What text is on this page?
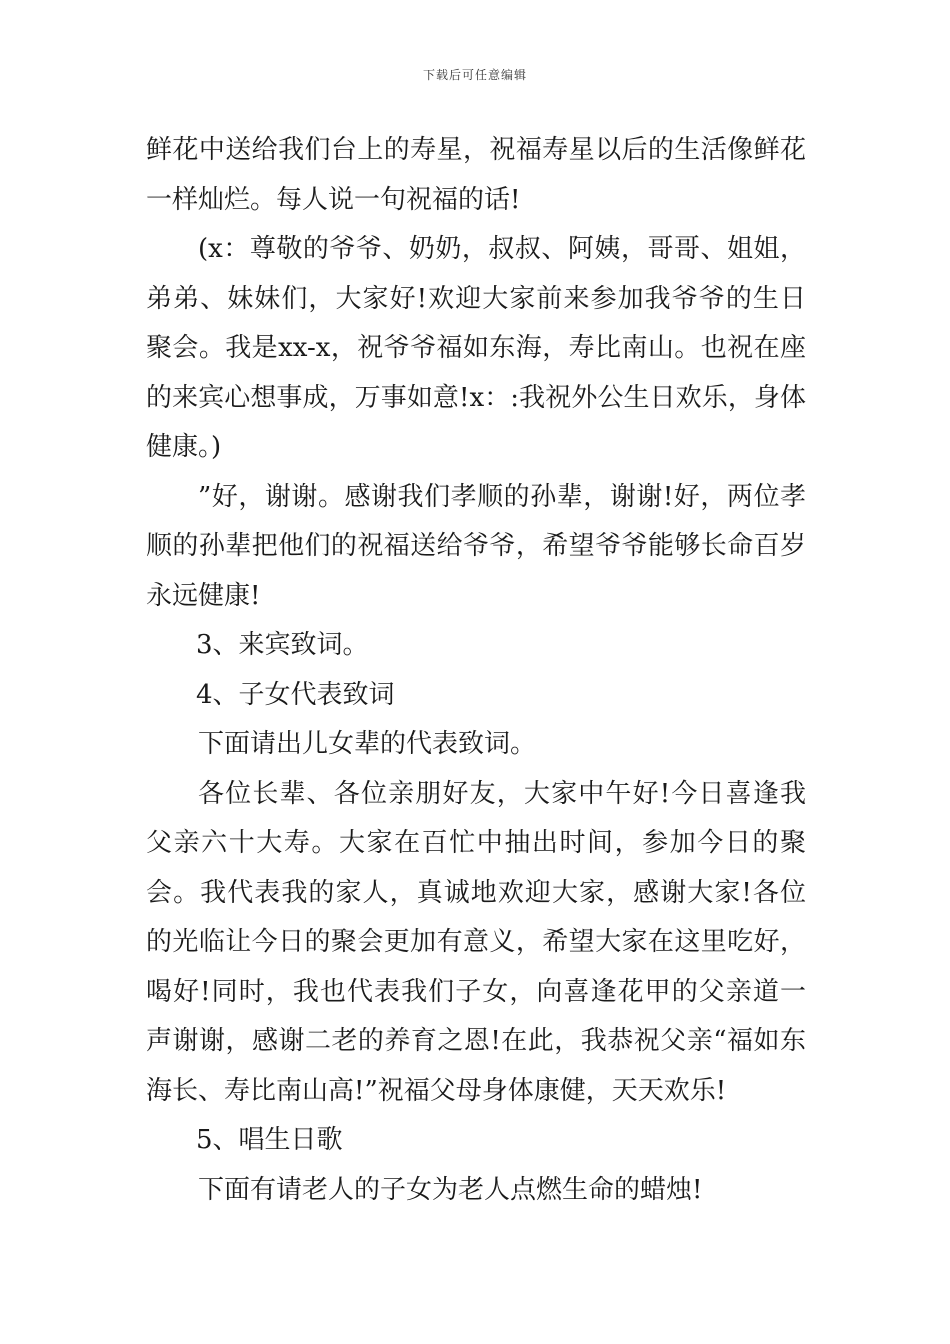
下载后可任意编辑

鲜花中送给我们台上的寿星，祝福寿星以后的生活像鲜花一样灿烂。每人说一句祝福的话!

(x：尊敬的爷爷、奶奶，叔叔、阿姨，哥哥、姐姐，弟弟、妹妹们，大家好!欢迎大家前来参加我爷爷的生日聚会。我是xx-x，祝爷爷福如东海，寿比南山。也祝在座的来宾心想事成，万事如意!x：:我祝外公生日欢乐，身体健康。)

”好，谢谢。感谢我们孝顺的孙辈，谢谢!好，两位孝顺的孙辈把他们的祝福送给爷爷，希望爷爷能够长命百岁永远健康!

3、来宾致词。

4、子女代表致词

下面请出儿女辈的代表致词。

各位长辈、各位亲朋好友，大家中午好!今日喜逢我父亲六十大寿。大家在百忙中抽出时间，参加今日的聚会。我代表我的家人，真诚地欢迎大家，感谢大家!各位的光临让今日的聚会更加有意义，希望大家在这里吃好，喝好!同时，我也代表我们子女，向喜逢花甲的父亲道一声谢谢，感谢二老的养育之恩!在此，我恭祝父亲“福如东海长、寿比南山高!”祝福父母身体康健，天天欢乐!

5、唱生日歌

下面有请老人的子女为老人点燃生命的蜡烛!
